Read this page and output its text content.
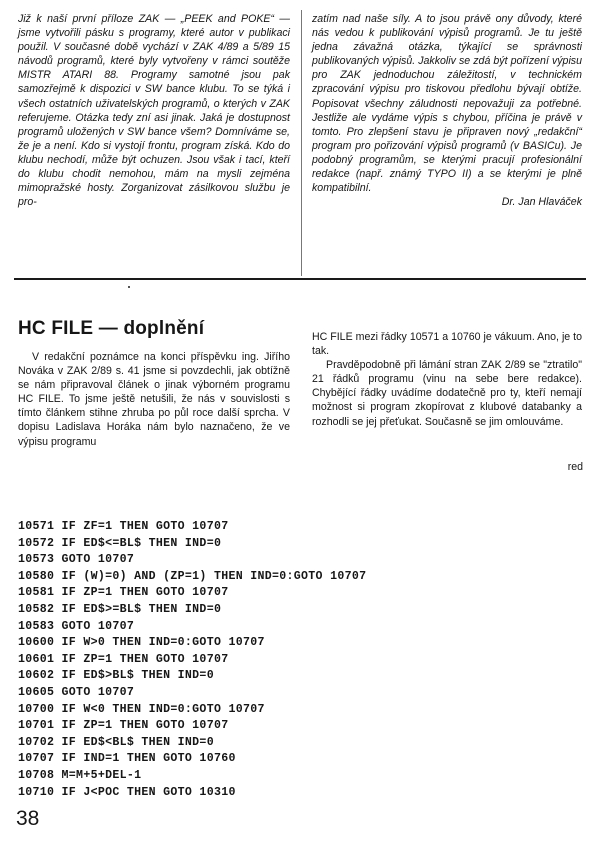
Již k naší první příloze ZAK — „PEEK and POKE“ — jsme vytvořili pásku s programy, které autor v publikaci použil. V současné době vychází v ZAK 4/89 a 5/89 15 návodů programů, které byly vytvořeny v rámci soutěže MISTR ATARI 88. Programy samotné jsou pak samozřejmě k dispozici v SW bance klubu. To se týká i všech ostatních uživatelských programů, o kterých v ZAK referujeme. Otázka tedy zní asi jinak. Jaká je dostupnost programů uložených v SW bance všem? Domníváme se, že je a není. Kdo si vystojí frontu, program získá. Kdo do klubu nechodí, může být ochuzen. Jsou však i tací, kteří do klubu chodit nemohou, mám na mysli zejména mimopražské hosty. Zorganizovat zásilkovou službu je pro-

zatím nad naše síly. A to jsou právě ony důvody, které nás vedou k publikování výpisů programů. Je tu ještě jedna závažná otázka, týkající se správnosti publikovaných výpisů. Jakkoliv se zdá být pořízení výpisu pro ZAK jednoduchou záležitostí, v technickém zpracování výpisu pro tiskovou předlohu bývají obtíže. Popisovat všechny záludnosti nepovažuji za potřebné. Jestliže ale vydáme výpis s chybou, příčina je právě v tomto. Pro zlepšení stavu je připraven nový „redakční“ program pro pořizování výpisů programů (v BASICu). Je podobný programům, se kterými pracují profesionální redakce (např. známý TYPO II) a se kterými je plně kompatibilní.

Dr. Jan Hlaváček

HC FILE — doplnění

V redakční poznámce na konci příspěvku ing. Jiřího Nováka v ZAK 2/89 s. 41 jsme si povzdechli, jak obtížně se nám připravoval článek o jinak výborném programu HC FILE. To jsme ještě netušili, že nás v souvislosti s tímto článkem stihne zhruba po půl roce další sprcha. V dopisu Ladislava Horáka nám bylo naznačeno, že ve výpisu programu

HC FILE mezi řádky 10571 a 10760 je vákuum. Ano, je to tak.

Pravděpodobně při lámání stran ZAK 2/89 se "ztratilo" 21 řádků programu (vinu na sebe bere redakce). Chybějící řádky uvádíme dodatečně pro ty, kteří nemají možnost si program zkopírovat z klubové databanky a rozhodli se jej přeťukat. Současně se jim omlouváme.

red
10571 IF ZF=1 THEN GOTO 10707
10572 IF ED$<=BL$ THEN IND=0
10573 GOTO 10707
10580 IF (W)=0) AND (ZP=1) THEN IND=0:GOTO 10707
10581 IF ZP=1 THEN GOTO 10707
10582 IF ED$>=BL$ THEN IND=0
10583 GOTO 10707
10600 IF W>0 THEN IND=0:GOTO 10707
10601 IF ZP=1 THEN GOTO 10707
10602 IF ED$>BL$ THEN IND=0
10605 GOTO 10707
10700 IF W<0 THEN IND=0:GOTO 10707
10701 IF ZP=1 THEN GOTO 10707
10702 IF ED$<BL$ THEN IND=0
10707 IF IND=1 THEN GOTO 10760
10708 M=M+5+DEL-1
10710 IF J<POC THEN GOTO 10310
38
